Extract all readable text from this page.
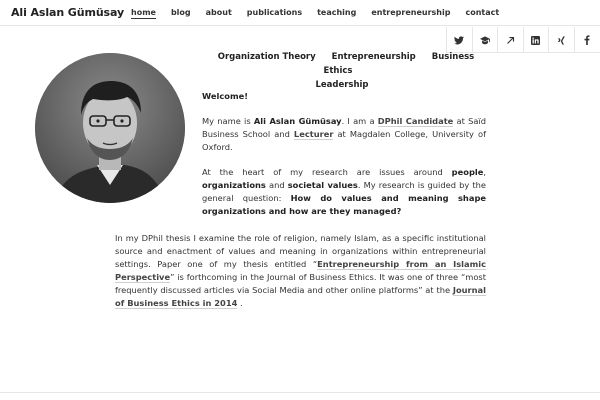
Ali Aslan Gümüsay home blog about publications teaching entrepreneurship contact
Organization Theory Entrepreneurship Business Ethics
Leadership
Welcome!

My name is Ali Aslan Gümüsay. I am a DPhil Candidate at Saïd Business School and Lecturer at Magdalen College, University of Oxford.

At the heart of my research are issues around people, organizations and societal values. My research is guided by the general question: How do values and meaning shape organizations and how are they managed?

In my DPhil thesis I examine the role of religion, namely Islam, as a specific institutional source and enactment of values and meaning in organizations within entrepreneurial settings. Paper one of my thesis entitled “Entrepreneurship from an Islamic Perspective” is forthcoming in the Journal of Business Ethics. It was one of three “most frequently discussed articles via Social Media and other online platforms” at the Journal of Business Ethics in 2014 .
